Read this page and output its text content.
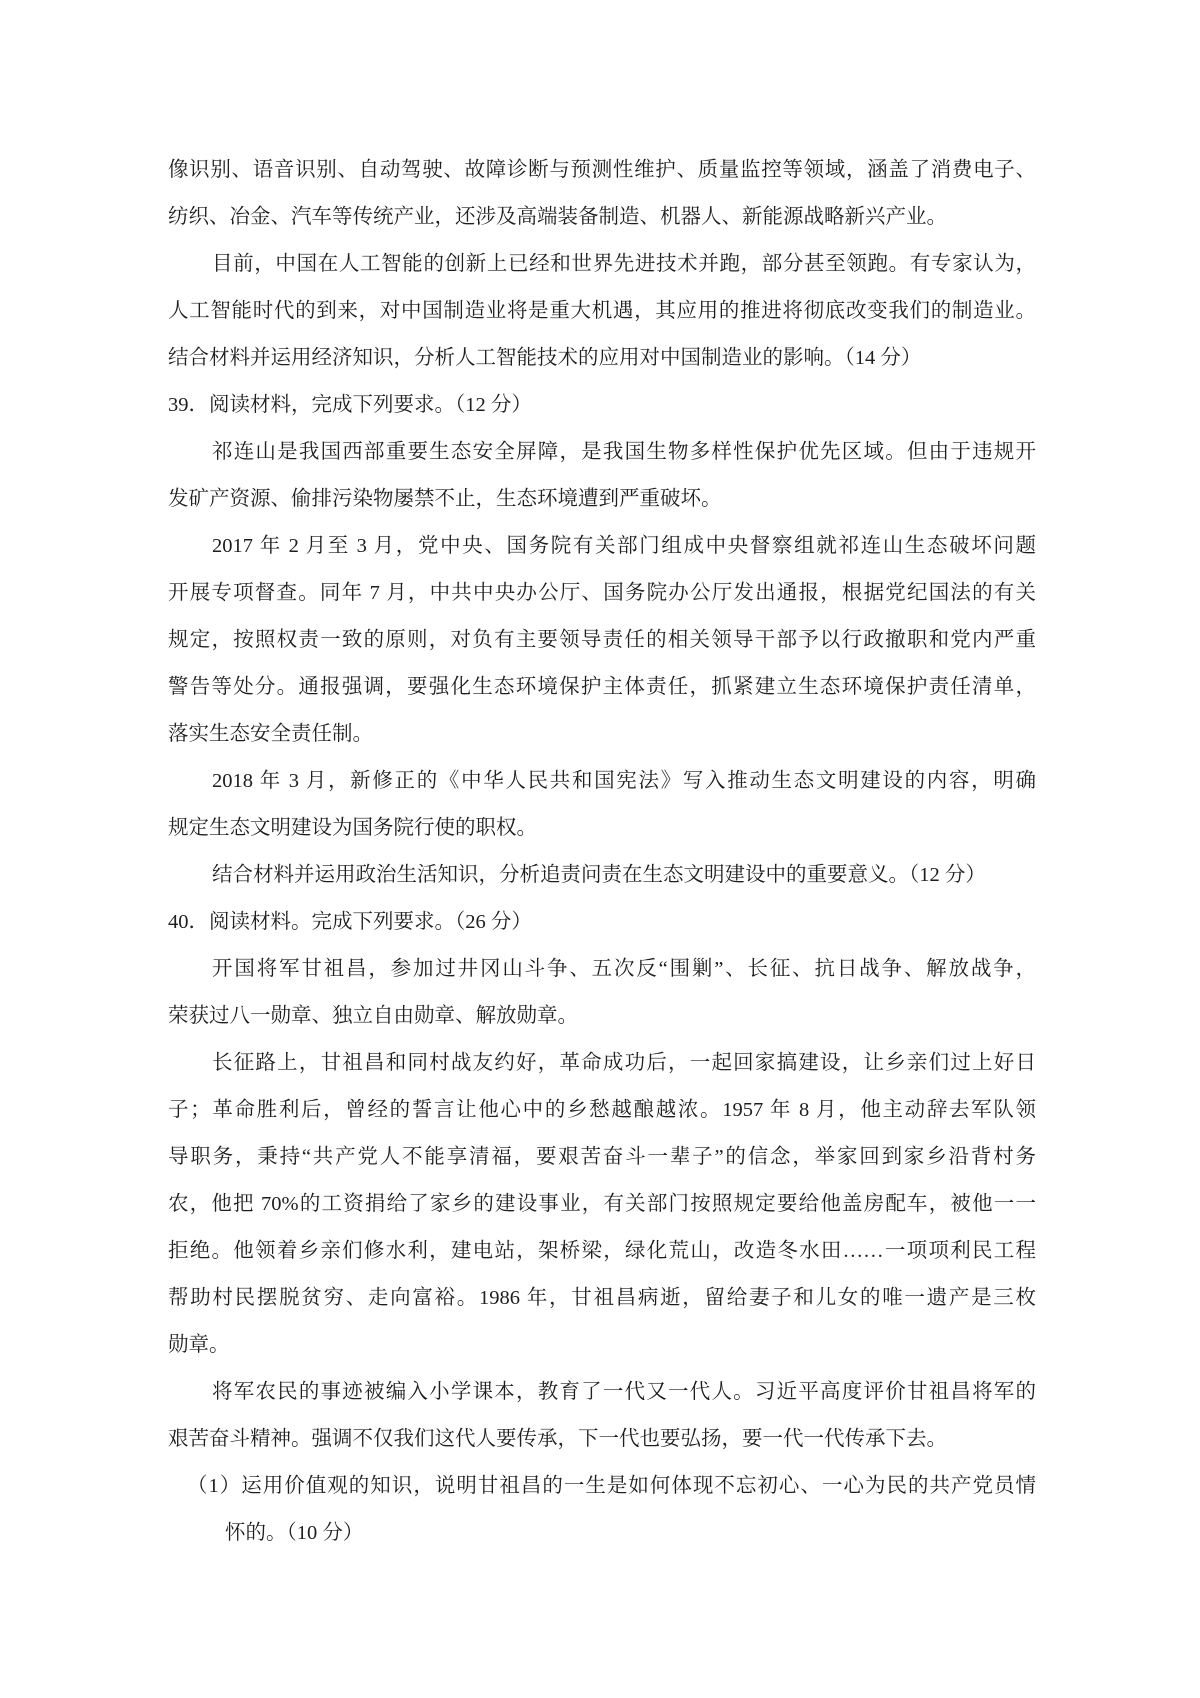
像识别、语音识别、自动驾驶、故障诊断与预测性维护、质量监控等领域，涵盖了消费电子、
纺织、冶金、汽车等传统产业，还涉及高端装备制造、机器人、新能源战略新兴产业。
目前，中国在人工智能的创新上已经和世界先进技术并跑，部分甚至领跑。有专家认为，
人工智能时代的到来，对中国制造业将是重大机遇，其应用的推进将彻底改变我们的制造业。
结合材料并运用经济知识，分析人工智能技术的应用对中国制造业的影响。（14 分）
39．阅读材料，完成下列要求。（12 分）
祁连山是我国西部重要生态安全屏障，是我国生物多样性保护优先区域。但由于违规开
发矿产资源、偷排污染物屡禁不止，生态环境遭到严重破坏。
2017 年 2 月至 3 月，党中央、国务院有关部门组成中央督察组就祁连山生态破坏问题
开展专项督查。同年 7 月，中共中央办公厅、国务院办公厅发出通报，根据党纪国法的有关
规定，按照权责一致的原则，对负有主要领导责任的相关领导干部予以行政撤职和党内严重
警告等处分。通报强调，要强化生态环境保护主体责任，抓紧建立生态环境保护责任清单，
落实生态安全责任制。
2018 年 3 月，新修正的《中华人民共和国宪法》写入推动生态文明建设的内容，明确
规定生态文明建设为国务院行使的职权。
结合材料并运用政治生活知识，分析追责问责在生态文明建设中的重要意义。（12 分）
40．阅读材料。完成下列要求。（26 分）
开国将军甘祖昌，参加过井冈山斗争、五次反“围剿”、长征、抗日战争、解放战争，
荣获过八一勋章、独立自由勋章、解放勋章。
长征路上，甘祖昌和同村战友约好，革命成功后，一起回家搞建设，让乡亲们过上好日
子；革命胜利后，曾经的誓言让他心中的乡愁越酿越浓。1957 年 8 月，他主动辞去军队领
导职务，秉持“共产党人不能享清福，要艰苦奋斗一辈子”的信念，举家回到家乡沿背村务
农，他把 70%的工资捐给了家乡的建设事业，有关部门按照规定要给他盖房配车，被他一一
拒绝。他领着乡亲们修水利，建电站，架桥梁，绿化荒山，改造冬水田……一项项利民工程
帮助村民摆脱贫穷、走向富裕。1986 年，甘祖昌病逝，留给妻子和儿女的唯一遗产是三枚
勋章。
将军农民的事迹被编入小学课本，教育了一代又一代人。习近平高度评价甘祖昌将军的
艰苦奋斗精神。强调不仅我们这代人要传承，下一代也要弘扬，要一代一代传承下去。
（1）运用价值观的知识，说明甘祖昌的一生是如何体现不忘初心、一心为民的共产党员情
怀的。（10 分）
